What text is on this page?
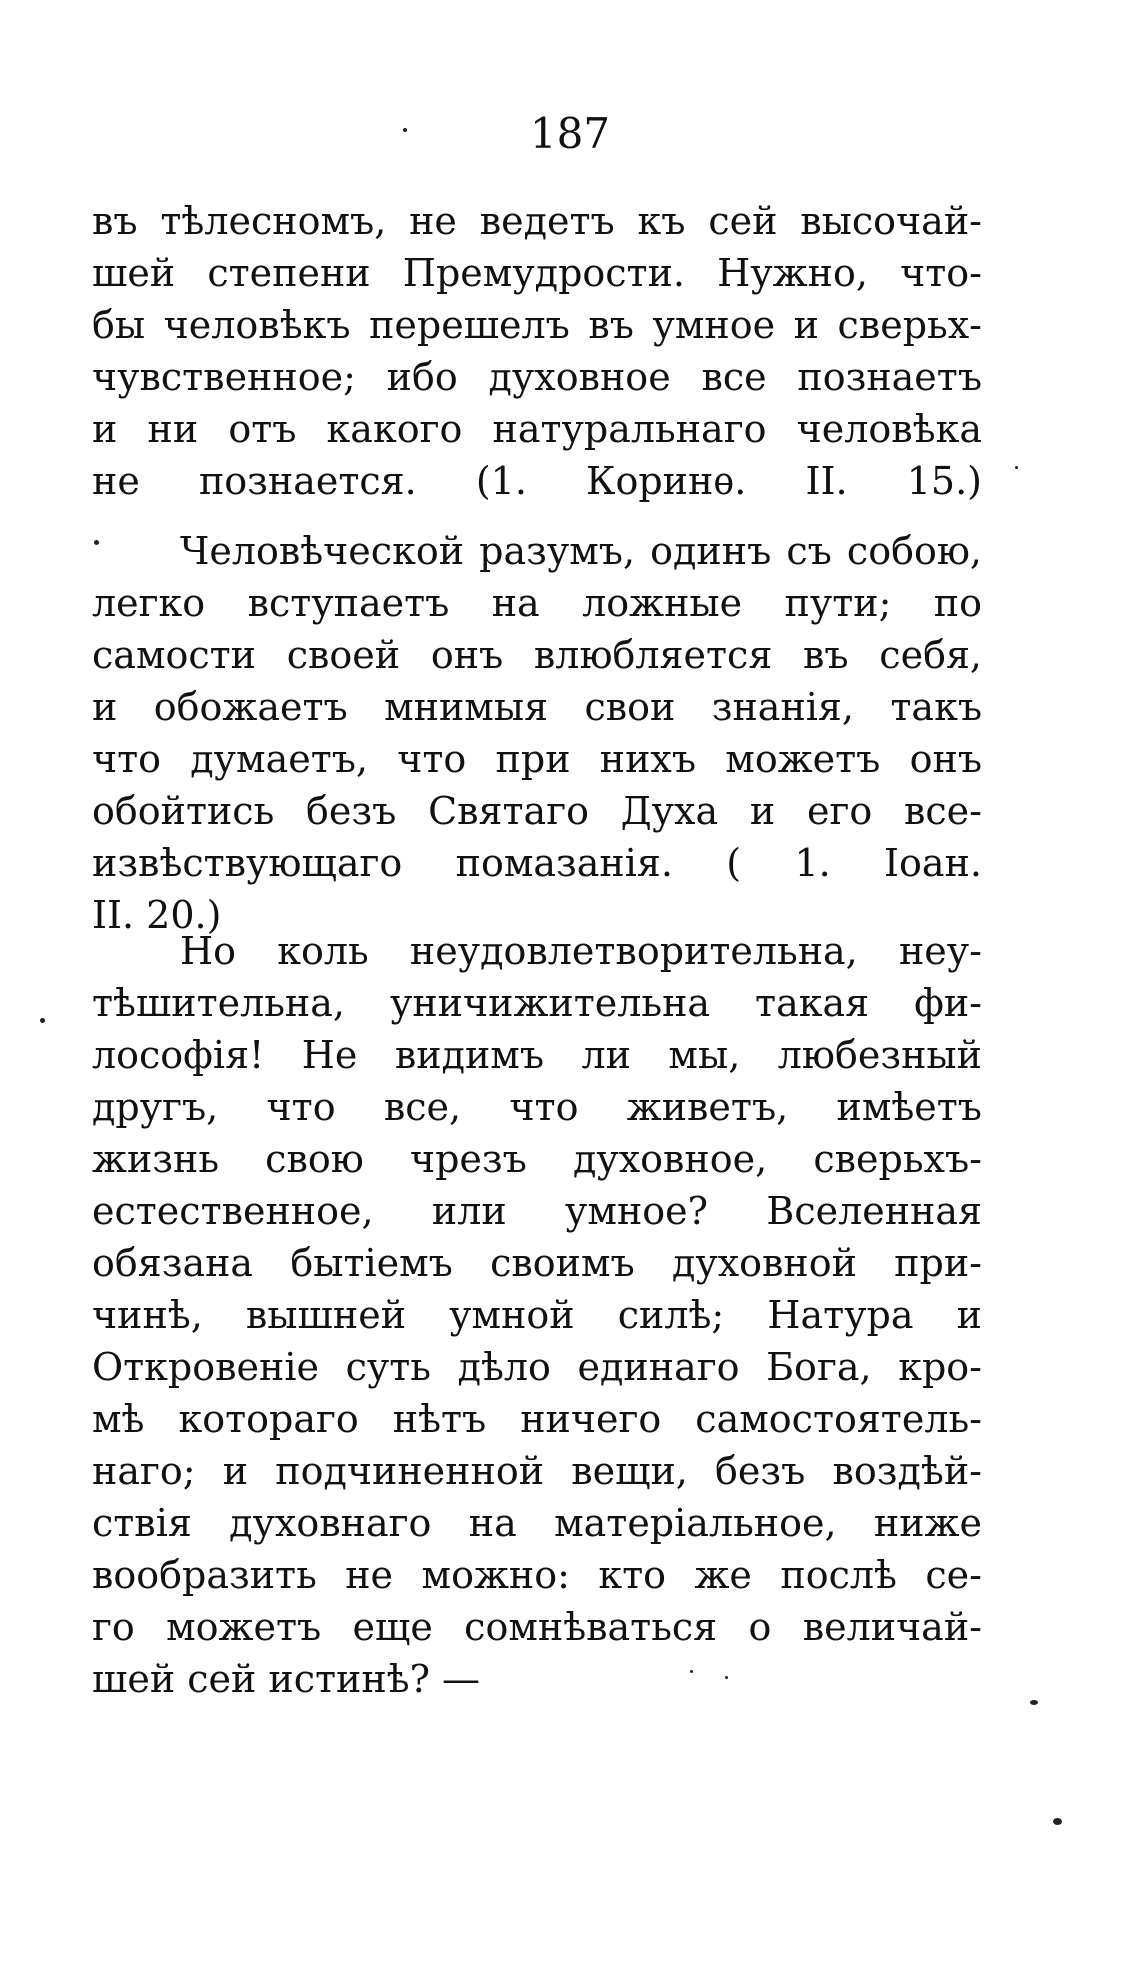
187
въ тѣлесномъ, не ведетъ къ сей высочай-
шей степени Премудрости. Нужно, что-
бы человѣкъ перешелъ въ умное и сверьх-
чувственное; ибо духовное все познаетъ
и ни отъ какого натуральнаго человѣка
не познается. (1. Коринѳ. II. 15.)
Человѣческой разумъ, одинъ съ собою,
легко вступаетъ на ложные пути; по
самости своей онъ влюбляется въ себя,
и обожаетъ мнимыя свои знанія, такъ
что думаетъ, что при нихъ можетъ онъ
обойтись безъ Святаго Духа и его все-
извѣствующаго помазанія. ( 1. Іоан.
II. 20.)
Но коль неудовлетворительна, неу-
тѣшительна, уничижительна такая фи-
лософія! Не видимъ ли мы, любезный
другъ, что все, что живетъ, имѣетъ
жизнь свою чрезъ духовное, сверьхъ-
естественное, или умное? Вселенная
обязана бытіемъ своимъ духовной при-
чинѣ, вышней умной силѣ; Натура и
Откровеніе суть дѣло единаго Бога, кро-
мѣ котораго нѣтъ ничего самостоятель-
наго; и подчиненной вещи, безъ воздѣй-
ствія духовнаго на матеріальное, ниже
вообразить не можно: кто же послѣ се-
го можетъ еще сомнѣваться о величай-
шей сей истинѣ? —
